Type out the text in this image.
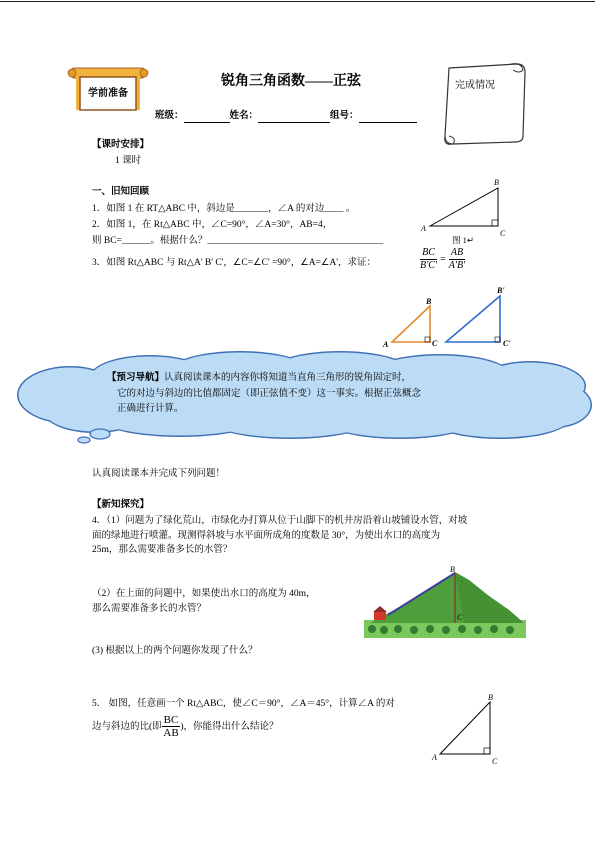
学前准备
锐角三角函数——正弦	完成情况
班级：	姓名：	组号：
【课时安排】
1 课时
一、旧知回顾
1．如图 1 在 RT△ABC 中，斜边是_______，∠A 的对边____ 。
2．如图 1，在 Rt△ABC 中，∠C=90°，∠A=30°，AB=4，
则 BC=______。根据什么？_____________________________________
3．如图 Rt△ABC 与 Rt△A' B' C'，∠C=∠C' =90°，∠A=∠A'，求证：	$\frac{BC}{B'C'} = \frac{AB}{A'B'}$
B
A
C
图 1↵
B
A	C
B'
C'
【预习导航】认真阅读课本的内容你将知道当直角三角形的锐角固定时，
它的对边与斜边的比值都固定（即正弦值不变）这一事实。根据正弦概念
正确进行计算。
认真阅读课本并完成下列问题！
【新知探究】
4．（1）问题为了绿化荒山，市绿化办打算从位于山脚下的机井房沿着山坡铺设水管，对坡
面的绿地进行喷灌。现测得斜坡与水平面所成角的度数是 30°，为使出水口的高度为
25m，那么需要准备多长的水管？
（2）在上面的问题中，如果使出水口的高度为 40m，
那么需要准备多长的水管？
B
C
(3) 根据以上的两个问题你发现了什么？
5． 如图，任意画一个 Rt△ABC，使∠C＝90°，∠A＝45°，计算∠A 的对
边与斜边的比(即 $\frac{BC}{AB}$ )，你能得出什么结论？
B
A	C
